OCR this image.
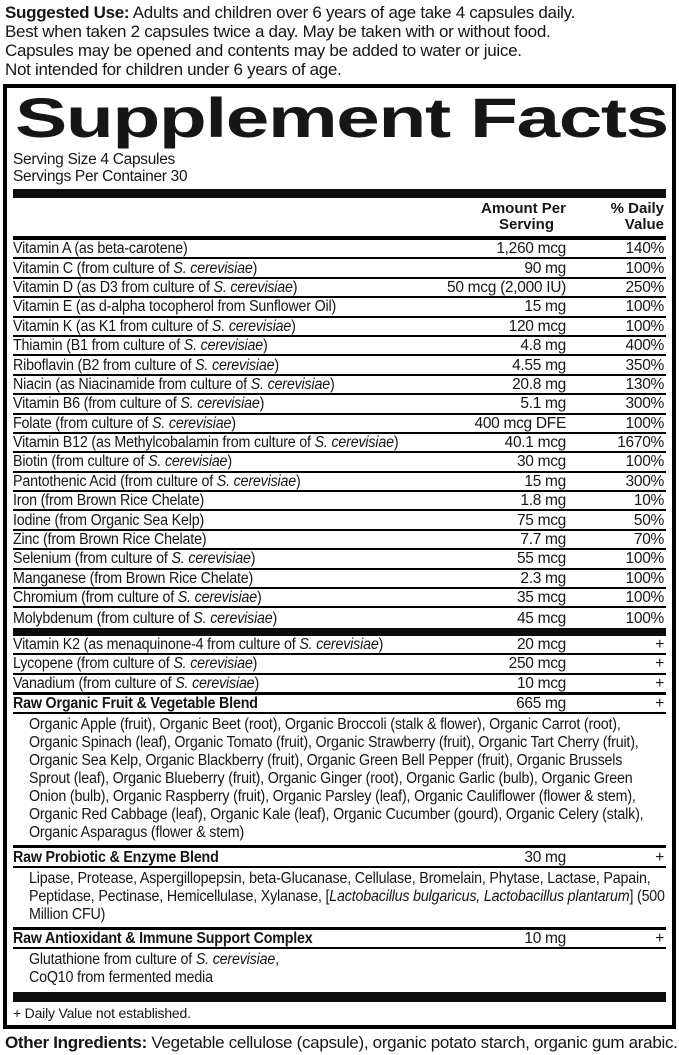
Suggested Use: Adults and children over 6 years of age take 4 capsules daily.
Best when taken 2 capsules twice a day. May be taken with or without food.
Capsules may be opened and contents may be added to water or juice.
Not intended for children under 6 years of age.
Supplement Facts
Serving Size 4 Capsules
Servings Per Container 30
Amount Per
Serving
% Daily
Value
Vitamin A (as beta-carotene)	1,260 mcg	140%
Vitamin C (from culture of S. cerevisiae)	90 mg	100%
Vitamin D (as D3 from culture of S. cerevisiae)	50 mcg (2,000 IU)	250%
Vitamin E (as d-alpha tocopherol from Sunflower Oil)	15 mg	100%
Vitamin K (as K1 from culture of S. cerevisiae)	120 mcg	100%
Thiamin (B1 from culture of S. cerevisiae)	4.8 mg	400%
Riboflavin (B2 from culture of S. cerevisiae)	4.55 mg	350%
Niacin (as Niacinamide from culture of S. cerevisiae)	20.8 mg	130%
Vitamin B6 (from culture of S. cerevisiae)	5.1 mg	300%
Folate (from culture of S. cerevisiae)	400 mcg DFE	100%
Vitamin B12 (as Methylcobalamin from culture of S. cerevisiae)	40.1 mcg	1670%
Biotin (from culture of S. cerevisiae)	30 mcg	100%
Pantothenic Acid (from culture of S. cerevisiae)	15 mg	300%
Iron (from Brown Rice Chelate)	1.8 mg	10%
Iodine (from Organic Sea Kelp)	75 mcg	50%
Zinc (from Brown Rice Chelate)	7.7 mg	70%
Selenium (from culture of S. cerevisiae)	55 mcg	100%
Manganese (from Brown Rice Chelate)	2.3 mg	100%
Chromium (from culture of S. cerevisiae)	35 mcg	100%
Molybdenum (from culture of S. cerevisiae)	45 mcg	100%
Vitamin K2 (as menaquinone-4 from culture of S. cerevisiae)	20 mcg	+
Lycopene (from culture of S. cerevisiae)	250 mcg	+
Vanadium (from culture of S. cerevisiae)	10 mcg	+
Raw Organic Fruit & Vegetable Blend	665 mg	+
Organic Apple (fruit), Organic Beet (root), Organic Broccoli (stalk & flower), Organic Carrot (root), Organic Spinach (leaf), Organic Tomato (fruit), Organic Strawberry (fruit), Organic Tart Cherry (fruit), Organic Sea Kelp, Organic Blackberry (fruit), Organic Green Bell Pepper (fruit), Organic Brussels Sprout (leaf), Organic Blueberry (fruit), Organic Ginger (root), Organic Garlic (bulb), Organic Green Onion (bulb), Organic Raspberry (fruit), Organic Parsley (leaf), Organic Cauliflower (flower & stem), Organic Red Cabbage (leaf), Organic Kale (leaf), Organic Cucumber (gourd), Organic Celery (stalk), Organic Asparagus (flower & stem)
Raw Probiotic & Enzyme Blend	30 mg	+
Lipase, Protease, Aspergillopepsin, beta-Glucanase, Cellulase, Bromelain, Phytase, Lactase, Papain, Peptidase, Pectinase, Hemicellulase, Xylanase, [Lactobacillus bulgaricus, Lactobacillus plantarum] (500 Million CFU)
Raw Antioxidant & Immune Support Complex	10 mg	+
Glutathione from culture of S. cerevisiae,
CoQ10 from fermented media
+ Daily Value not established.
Other Ingredients: Vegetable cellulose (capsule), organic potato starch, organic gum arabic.
